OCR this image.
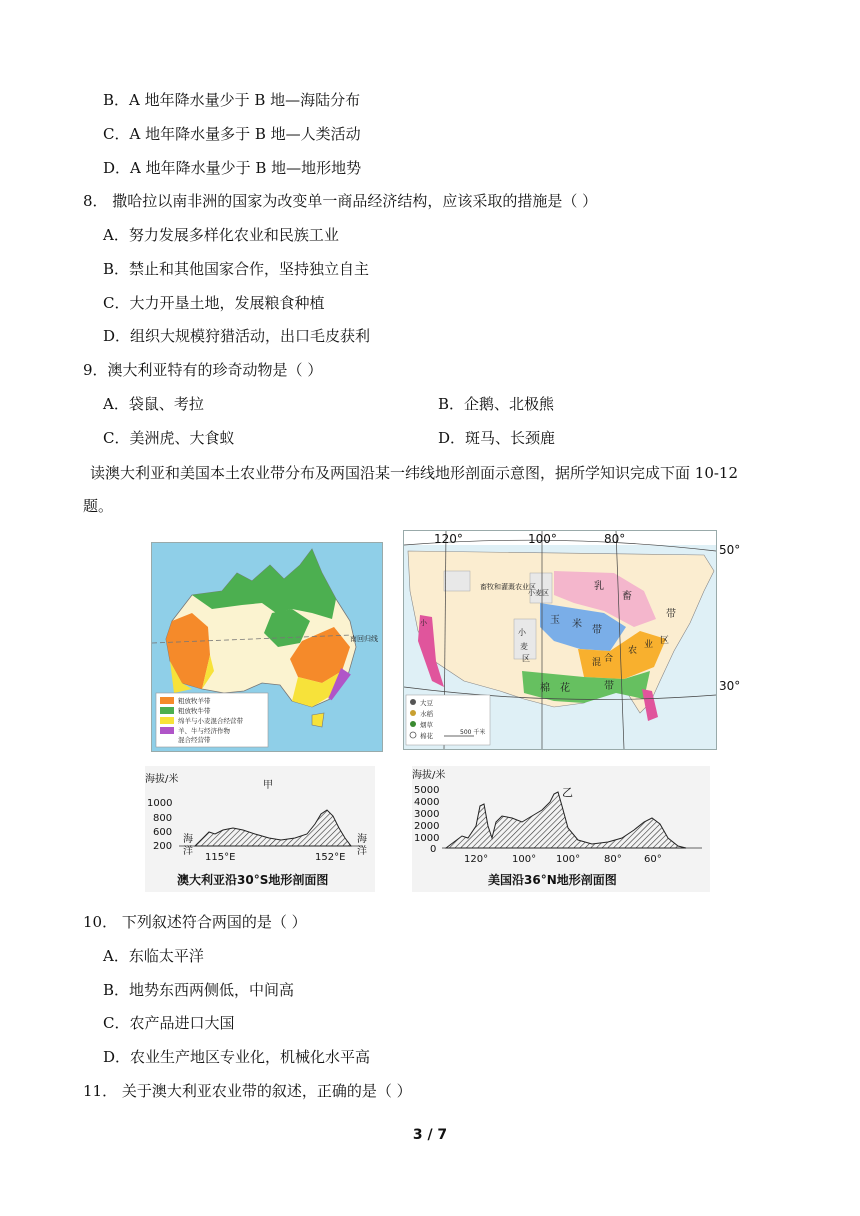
B．A 地年降水量少于 B 地—海陆分布
C．A 地年降水量多于 B 地—人类活动
D．A 地年降水量少于 B 地—地形地势
8． 撒哈拉以南非洲的国家为改变单一商品经济结构，应该采取的措施是（ ）
A．努力发展多样化农业和民族工业
B．禁止和其他国家合作，坚持独立自主
C．大力开垦土地，发展粮食种植
D．组织大规模狩猎活动，出口毛皮获利
9．澳大利亚特有的珍奇动物是（ ）
A．袋鼠、考拉	B．企鹅、北极熊
C．美洲虎、大食蚁	D．斑马、长颈鹿
读澳大利亚和美国本土农业带分布及两国沿某一纬线地形剖面示意图，据所学知识完成下面 10-12
题。
南回归线
粗放牧羊带
粗放牧牛带
绵羊与小麦混合经营带
羊、牛与经济作物
混合经营带
小
畜牧和灌溉农业区
小麦区
乳
畜
带
玉 米
带
小
麦
区	混 合
农
业 区
棉 花	带
120°	100°	80°
大豆
水稻
烟草
棉花	500 千米
50°
30°
海拔/米
甲
1000
800
600
200
海
洋
海
洋
115°E	152°E
澳大利亚沿30°S地形剖面图
海拔/米
乙
5000
4000
3000
2000
1000
0
120° 100° 100° 80° 60°
美国沿36°N地形剖面图
10． 下列叙述符合两国的是（ ）
A．东临太平洋
B．地势东西两侧低，中间高
C．农产品进口大国
D．农业生产地区专业化，机械化水平高
11． 关于澳大利亚农业带的叙述，正确的是（ ）
3 / 7
